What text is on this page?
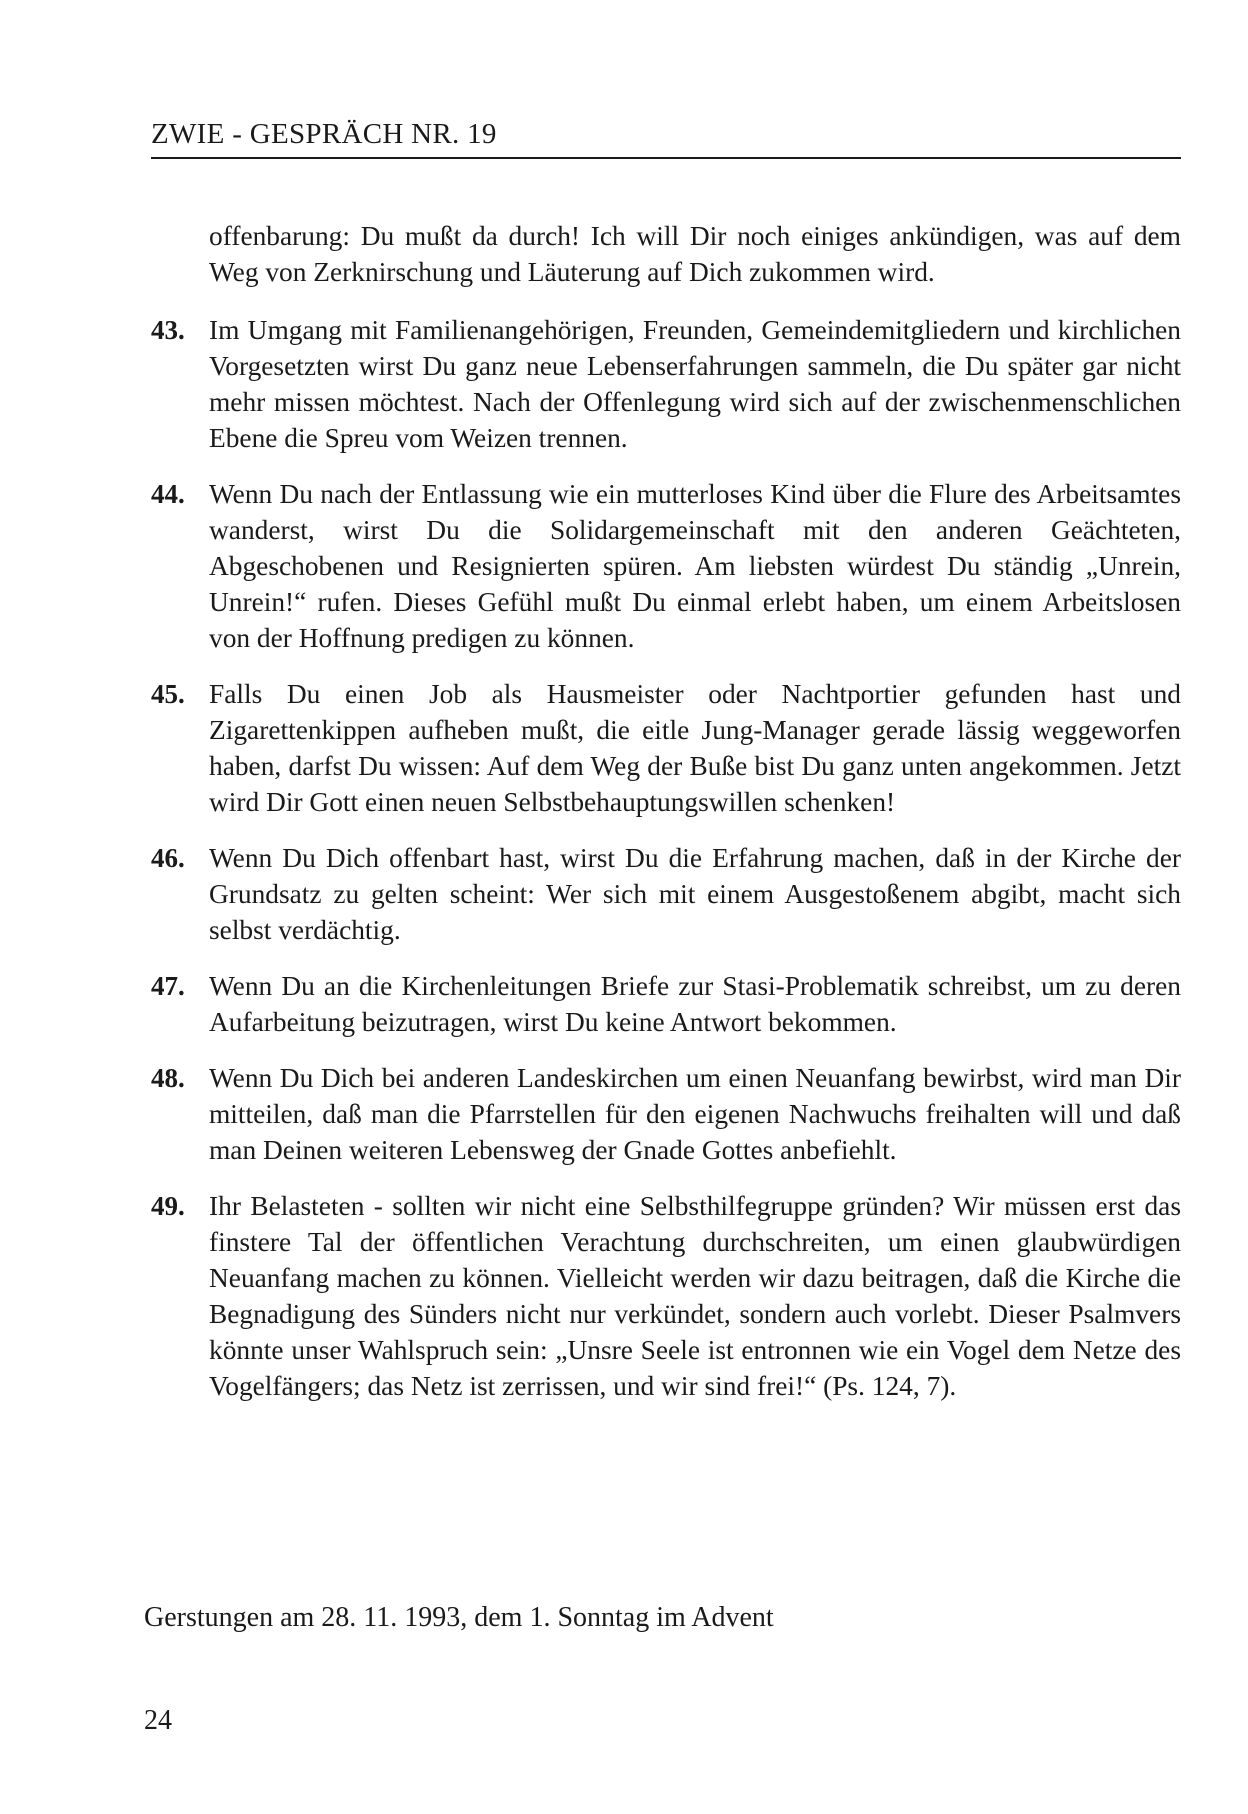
ZWIE - GESPRÄCH NR. 19
offenbarung: Du mußt da durch! Ich will Dir noch einiges ankündigen, was auf dem Weg von Zerknirschung und Läuterung auf Dich zukommen wird.
43. Im Umgang mit Familienangehörigen, Freunden, Gemeindemitgliedern und kirchlichen Vorgesetzten wirst Du ganz neue Lebenserfahrungen sammeln, die Du später gar nicht mehr missen möchtest. Nach der Offenlegung wird sich auf der zwischenmenschlichen Ebene die Spreu vom Weizen trennen.
44. Wenn Du nach der Entlassung wie ein mutterloses Kind über die Flure des Arbeitsamtes wanderst, wirst Du die Solidargemeinschaft mit den anderen Geächteten, Abgeschobenen und Resignierten spüren. Am liebsten würdest Du ständig „Unrein, Unrein!“ rufen. Dieses Gefühl mußt Du einmal erlebt haben, um einem Arbeitslosen von der Hoffnung predigen zu können.
45. Falls Du einen Job als Hausmeister oder Nachtportier gefunden hast und Zigarettenkippen aufheben mußt, die eitle Jung-Manager gerade lässig weggeworfen haben, darfst Du wissen: Auf dem Weg der Buße bist Du ganz unten angekommen. Jetzt wird Dir Gott einen neuen Selbstbehauptungswillen schenken!
46. Wenn Du Dich offenbart hast, wirst Du die Erfahrung machen, daß in der Kirche der Grundsatz zu gelten scheint: Wer sich mit einem Ausgestoßenem abgibt, macht sich selbst verdächtig.
47. Wenn Du an die Kirchenleitungen Briefe zur Stasi-Problematik schreibst, um zu deren Aufarbeitung beizutragen, wirst Du keine Antwort bekommen.
48. Wenn Du Dich bei anderen Landeskirchen um einen Neuanfang bewirbst, wird man Dir mitteilen, daß man die Pfarrstellen für den eigenen Nachwuchs freihalten will und daß man Deinen weiteren Lebensweg der Gnade Gottes anbefiehlt.
49. Ihr Belasteten - sollten wir nicht eine Selbsthilfegruppe gründen? Wir müssen erst das finstere Tal der öffentlichen Verachtung durchschreiten, um einen glaubwürdigen Neuanfang machen zu können. Vielleicht werden wir dazu beitragen, daß die Kirche die Begnadigung des Sünders nicht nur verkündet, sondern auch vorlebt. Dieser Psalmvers könnte unser Wahlspruch sein: „Unsre Seele ist entronnen wie ein Vogel dem Netze des Vogelfängers; das Netz ist zerrissen, und wir sind frei!“ (Ps. 124, 7).
Gerstungen am 28. 11. 1993, dem 1. Sonntag im Advent
24
